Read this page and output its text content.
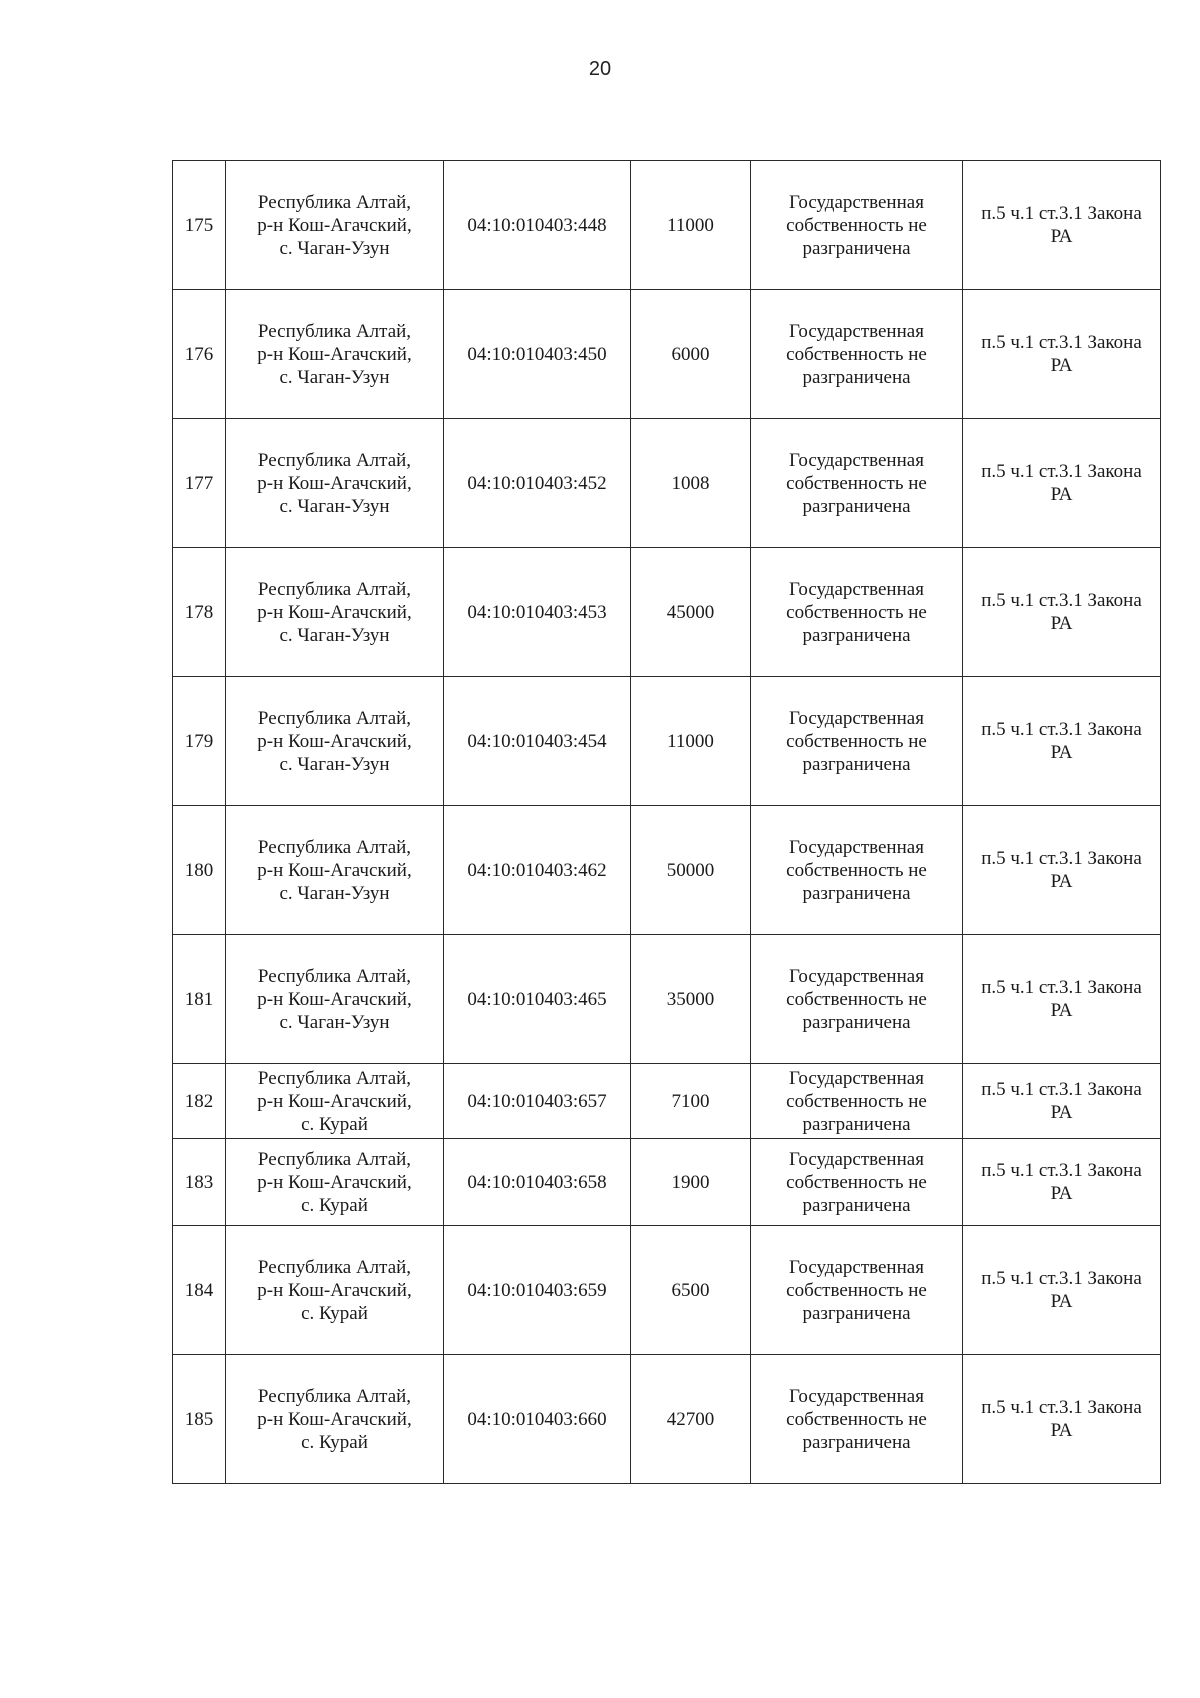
20
175	Республика Алтай,
р-н Кош-Агачский,
с. Чаган-Узун	04:10:010403:448	11000	Государственная
собственность не
разграничена	п.5 ч.1 ст.3.1 Закона
РА

176	Республика Алтай,
р-н Кош-Агачский,
с. Чаган-Узун	04:10:010403:450	6000	Государственная
собственность не
разграничена	п.5 ч.1 ст.3.1 Закона
РА

177	Республика Алтай,
р-н Кош-Агачский,
с. Чаган-Узун	04:10:010403:452	1008	Государственная
собственность не
разграничена	п.5 ч.1 ст.3.1 Закона
РА

178	Республика Алтай,
р-н Кош-Агачский,
с. Чаган-Узун	04:10:010403:453	45000	Государственная
собственность не
разграничена	п.5 ч.1 ст.3.1 Закона
РА

179	Республика Алтай,
р-н Кош-Агачский,
с. Чаган-Узун	04:10:010403:454	11000	Государственная
собственность не
разграничена	п.5 ч.1 ст.3.1 Закона
РА

180	Республика Алтай,
р-н Кош-Агачский,
с. Чаган-Узун	04:10:010403:462	50000	Государственная
собственность не
разграничена	п.5 ч.1 ст.3.1 Закона
РА

181	Республика Алтай,
р-н Кош-Агачский,
с. Чаган-Узун	04:10:010403:465	35000	Государственная
собственность не
разграничена	п.5 ч.1 ст.3.1 Закона
РА

182	Республика Алтай,
р-н Кош-Агачский,
с. Курай	04:10:010403:657	7100	Государственная
собственность не
разграничена	п.5 ч.1 ст.3.1 Закона
РА

183	Республика Алтай,
р-н Кош-Агачский,
с. Курай	04:10:010403:658	1900	Государственная
собственность не
разграничена	п.5 ч.1 ст.3.1 Закона
РА

184	Республика Алтай,
р-н Кош-Агачский,
с. Курай	04:10:010403:659	6500	Государственная
собственность не
разграничена	п.5 ч.1 ст.3.1 Закона
РА

185	Республика Алтай,
р-н Кош-Агачский,
с. Курай	04:10:010403:660	42700	Государственная
собственность не
разграничена	п.5 ч.1 ст.3.1 Закона
РА
